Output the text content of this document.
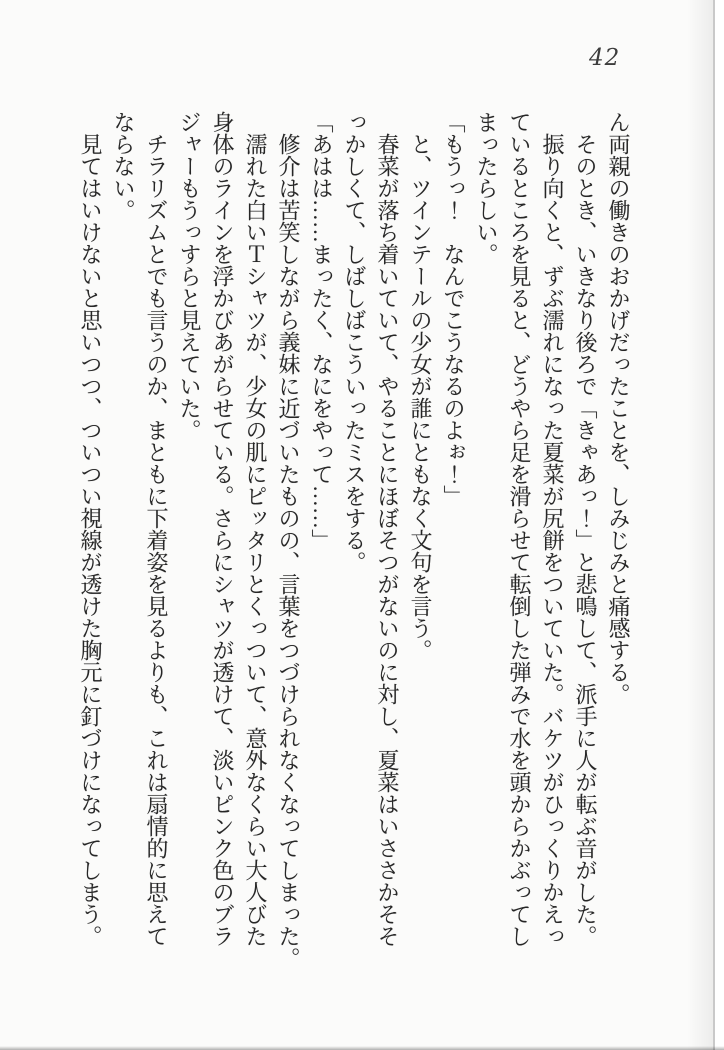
42

ん両親の働きのおかげだったことを、しみじみと痛感する。

　そのとき、いきなり後ろで「きゃあっ！」と悲鳴して、派手に人が転ぶ音がした。

　振り向くと、ずぶ濡れになった夏菜が尻餅をついていた。バケツがひっくりかえっ

ているところを見ると、どうやら足を滑らせて転倒した弾みで水を頭からかぶってし

まったらしい。

「もうっ！　なんでこうなるのよぉ！」

　と、ツインテールの少女が誰にともなく文句を言う。

　春菜が落ち着いていて、やることにほぼそつがないのに対し、夏菜はいささかそそ

っかしくて、しばしばこういったミスをする。

「あはは……まったく、なにをやって……」

　修介は苦笑しながら義妹に近づいたものの、言葉をつづけられなくなってしまった。

　濡れた白いＴシャツが、少女の肌にピッタリとくっついて、意外なくらい大人びた

身体のラインを浮かびあがらせている。さらにシャツが透けて、淡いピンク色のブラ

ジャーもうっすらと見えていた。

　チラリズムとでも言うのか、まともに下着姿を見るよりも、これは扇情的に思えて

ならない。

　見てはいけないと思いつつ、ついつい視線が透けた胸元に釘づけになってしまう。
